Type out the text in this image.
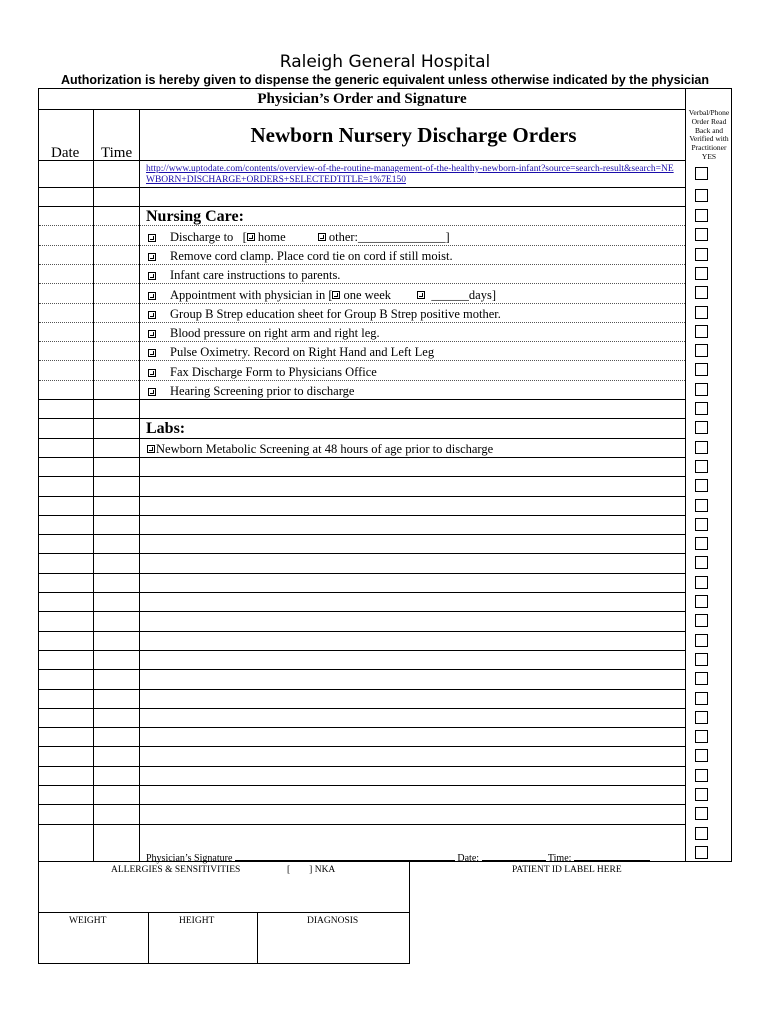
Raleigh General Hospital
Authorization is hereby given to dispense the generic equivalent unless otherwise indicated by the physician
Physician’s Order and Signature
Date Time
Newborn Nursery Discharge Orders
Verbal/Phone
Order Read
Back and
Verified with
Practitioner
YES
http://www.uptodate.com/contents/overview-of-the-routine-management-of-the-healthy-newborn-infant?source=search-result&search=NEWBORN+DISCHARGE+ORDERS+SELECTEDTITLE=1%7E150
Nursing Care:
Discharge to [ home	other:______________]
Remove cord clamp. Place cord tie on cord if still moist.
Infant care instructions to parents.
Appointment with physician in [ one week	______days]
Group B Strep education sheet for Group B Strep positive mother.
Blood pressure on right arm and right leg.
Pulse Oximetry. Record on Right Hand and Left Leg
Fax Discharge Form to Physicians Office
Hearing Screening prior to discharge
Labs:
Newborn Metabolic Screening at 48 hours of age prior to discharge
Physician’s Signature	Date:	Time:
ALLERGIES & SENSITIVITIES	[        ] NKA
WEIGHT	HEIGHT	DIAGNOSIS
PATIENT ID LABEL HERE
